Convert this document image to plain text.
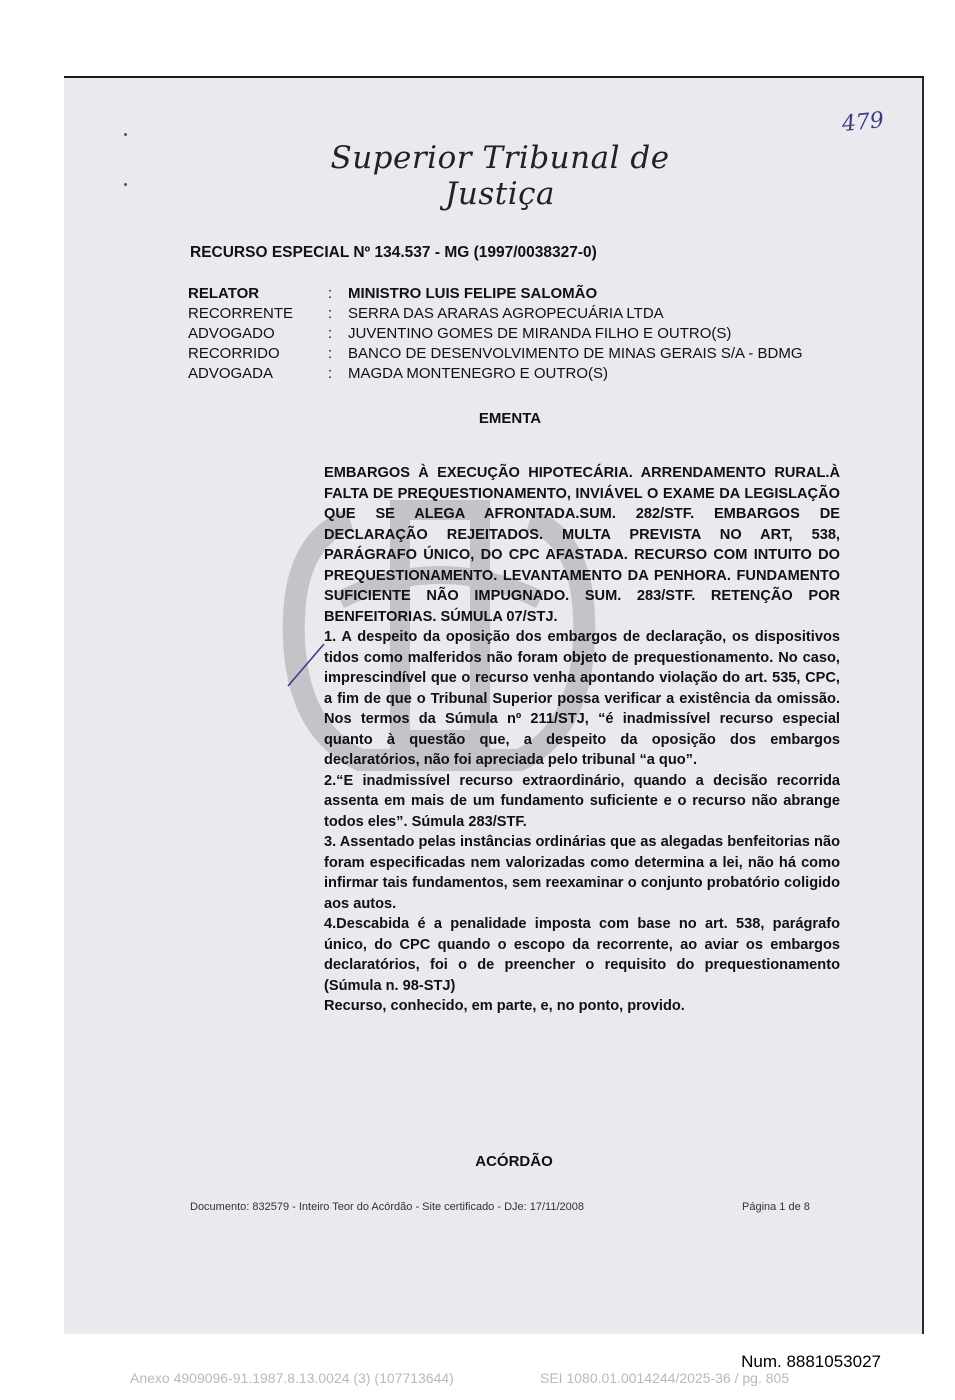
479
Superior Tribunal de Justiça
RECURSO ESPECIAL Nº 134.537 - MG (1997/0038327-0)
RELATOR	:	MINISTRO LUIS FELIPE SALOMÃO
RECORRENTE	:	SERRA DAS ARARAS AGROPECUÁRIA LTDA
ADVOGADO	:	JUVENTINO GOMES DE MIRANDA FILHO E OUTRO(S)
RECORRIDO	:	BANCO DE DESENVOLVIMENTO DE MINAS GERAIS S/A - BDMG
ADVOGADA	:	MAGDA MONTENEGRO E OUTRO(S)
EMENTA

EMBARGOS À EXECUÇÃO HIPOTECÁRIA. ARRENDAMENTO RURAL.À FALTA DE PREQUESTIONAMENTO, INVIÁVEL O EXAME DA LEGISLAÇÃO QUE SE ALEGA AFRONTADA.SUM. 282/STF. EMBARGOS DE DECLARAÇÃO REJEITADOS. MULTA PREVISTA NO ART, 538, PARÁGRAFO ÚNICO, DO CPC AFASTADA. RECURSO COM INTUITO DO PREQUESTIONAMENTO. LEVANTAMENTO DA PENHORA. FUNDAMENTO SUFICIENTE NÃO IMPUGNADO. SUM. 283/STF. RETENÇÃO POR BENFEITORIAS. SÚMULA 07/STJ.

1. A despeito da oposição dos embargos de declaração, os dispositivos tidos como malferidos não foram objeto de prequestionamento. No caso, imprescindível que o recurso venha apontando violação do art. 535, CPC, a fim de que o Tribunal Superior possa verificar a existência da omissão. Nos termos da Súmula nº 211/STJ, “é inadmissível recurso especial quanto à questão que, a despeito da oposição dos embargos declaratórios, não foi apreciada pelo tribunal “a quo”.

2.“E inadmissível recurso extraordinário, quando a decisão recorrida assenta em mais de um fundamento suficiente e o recurso não abrange todos eles”. Súmula 283/STF.

3. Assentado pelas instâncias ordinárias que as alegadas benfeitorias não foram especificadas nem valorizadas como determina a lei, não há como infirmar tais fundamentos, sem reexaminar o conjunto probatório coligido aos autos.

4.Descabida é a penalidade imposta com base no art. 538, parágrafo único, do CPC quando o escopo da recorrente, ao aviar os embargos declaratórios, foi o de preencher o requisito do prequestionamento (Súmula n. 98-STJ)

Recurso, conhecido, em parte, e, no ponto, provido.

ACÓRDÃO
Documento: 832579 - Inteiro Teor do Acórdão - Site certificado - DJe: 17/11/2008	Página 1 de 8
Num. 8881053027
Anexo 4909096-91.1987.8.13.0024 (3) (107713644)	SEI 1080.01.0014244/2025-36 / pg. 805
